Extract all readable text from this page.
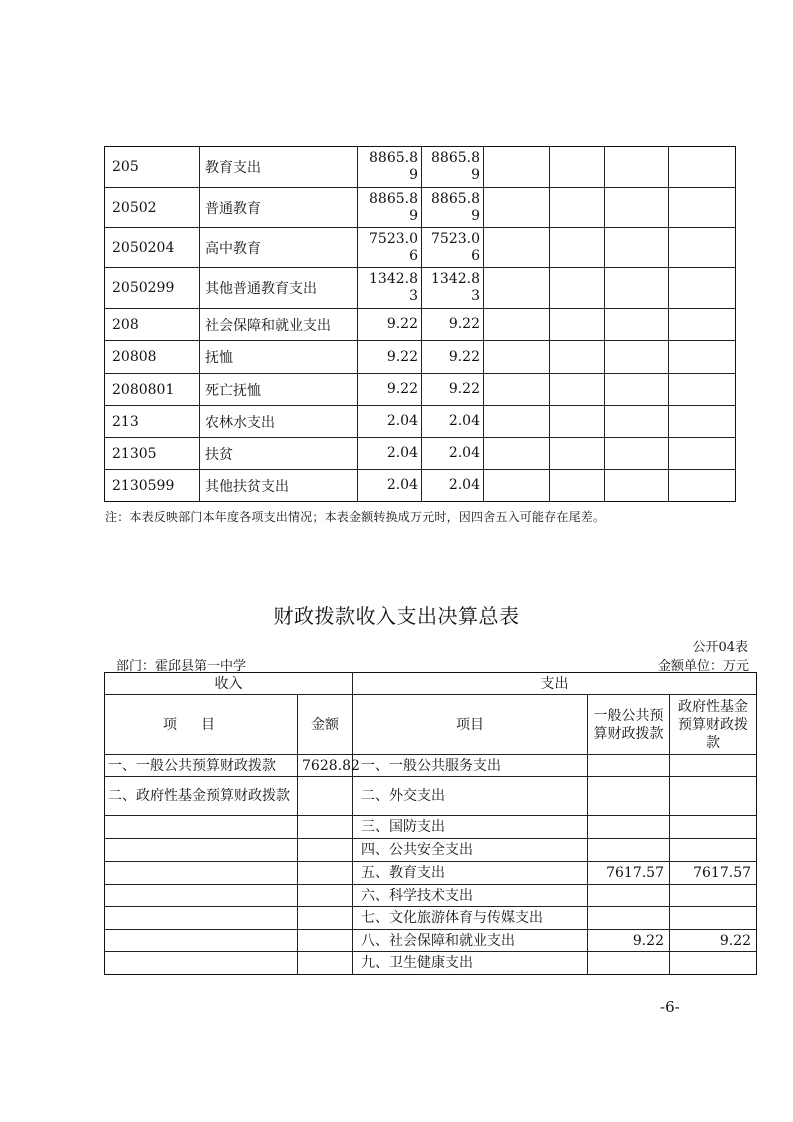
205	教育支出	8865.89	8865.89				
20502	普通教育	8865.89	8865.89				
2050204	高中教育	7523.06	7523.06				
2050299	其他普通教育支出	1342.83	1342.83				
208	社会保障和就业支出	9.22	9.22				
20808	抚恤	9.22	9.22				
2080801	死亡抚恤	9.22	9.22				
213	农林水支出	2.04	2.04				
21305	扶贫	2.04	2.04				
2130599	其他扶贫支出	2.04	2.04				
注：本表反映部门本年度各项支出情况；本表金额转换成万元时，因四舍五入可能存在尾差。
财政拨款收入支出决算总表
公开04表
部门：霍邱县第一中学	金额单位：万元
收入		支出		
项目	金额	项目	一般公共预算财政拨款	政府性基金预算财政拨款
一、一般公共预算财政拨款	7628.82	一、一般公共服务支出		
二、政府性基金预算财政拨款		二、外交支出		
		三、国防支出		
		四、公共安全支出		
		五、教育支出	7617.57	7617.57
		六、科学技术支出		
		七、文化旅游体育与传媒支出		
		八、社会保障和就业支出	9.22	9.22
		九、卫生健康支出		
-6-
